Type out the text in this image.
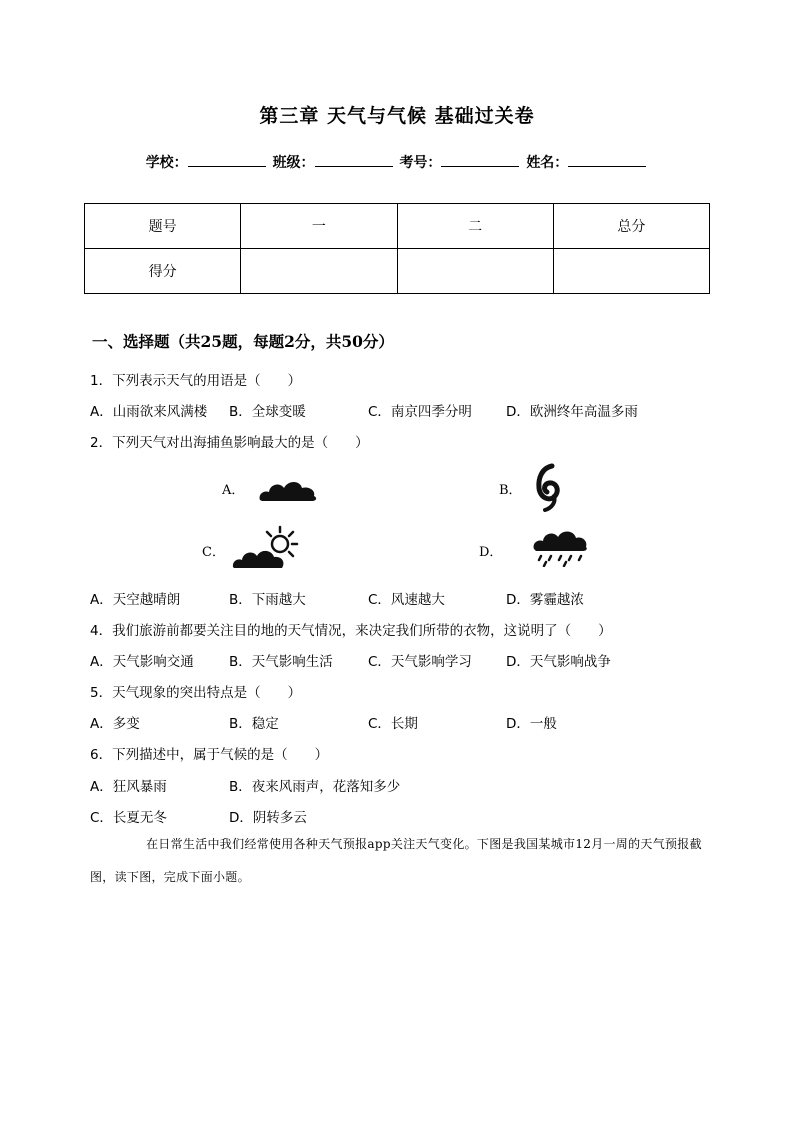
第三章 天气与气候 基础过关卷
学校：	班级：	考号：	姓名：
题号	一	二	总分
得分			
一、选择题（共25题，每题2分，共50分）
1．下列表示天气的用语是（　　）
A．山雨欲来风满楼 B．全球变暖	C．南京四季分明	D．欧洲终年高温多雨
2．下列天气对出海捕鱼影响最大的是（　　）
A．	B．
C．	D．
A．天空越晴朗	B．下雨越大	C．风速越大	D．雾霾越浓
4．我们旅游前都要关注目的地的天气情况，来决定我们所带的衣物，这说明了（　　）
A．天气影响交通	B．天气影响生活	C．天气影响学习	D．天气影响战争
5．天气现象的突出特点是（　　）
A．多变	B．稳定	C．长期	D．一般
6．下列描述中，属于气候的是（　　）
A．狂风暴雨	B．夜来风雨声，花落知多少
C．长夏无冬	D．阴转多云
在日常生活中我们经常使用各种天气预报app关注天气变化。下图是我国某城市12月一周的天气预报截图，读下图，完成下面小题。
